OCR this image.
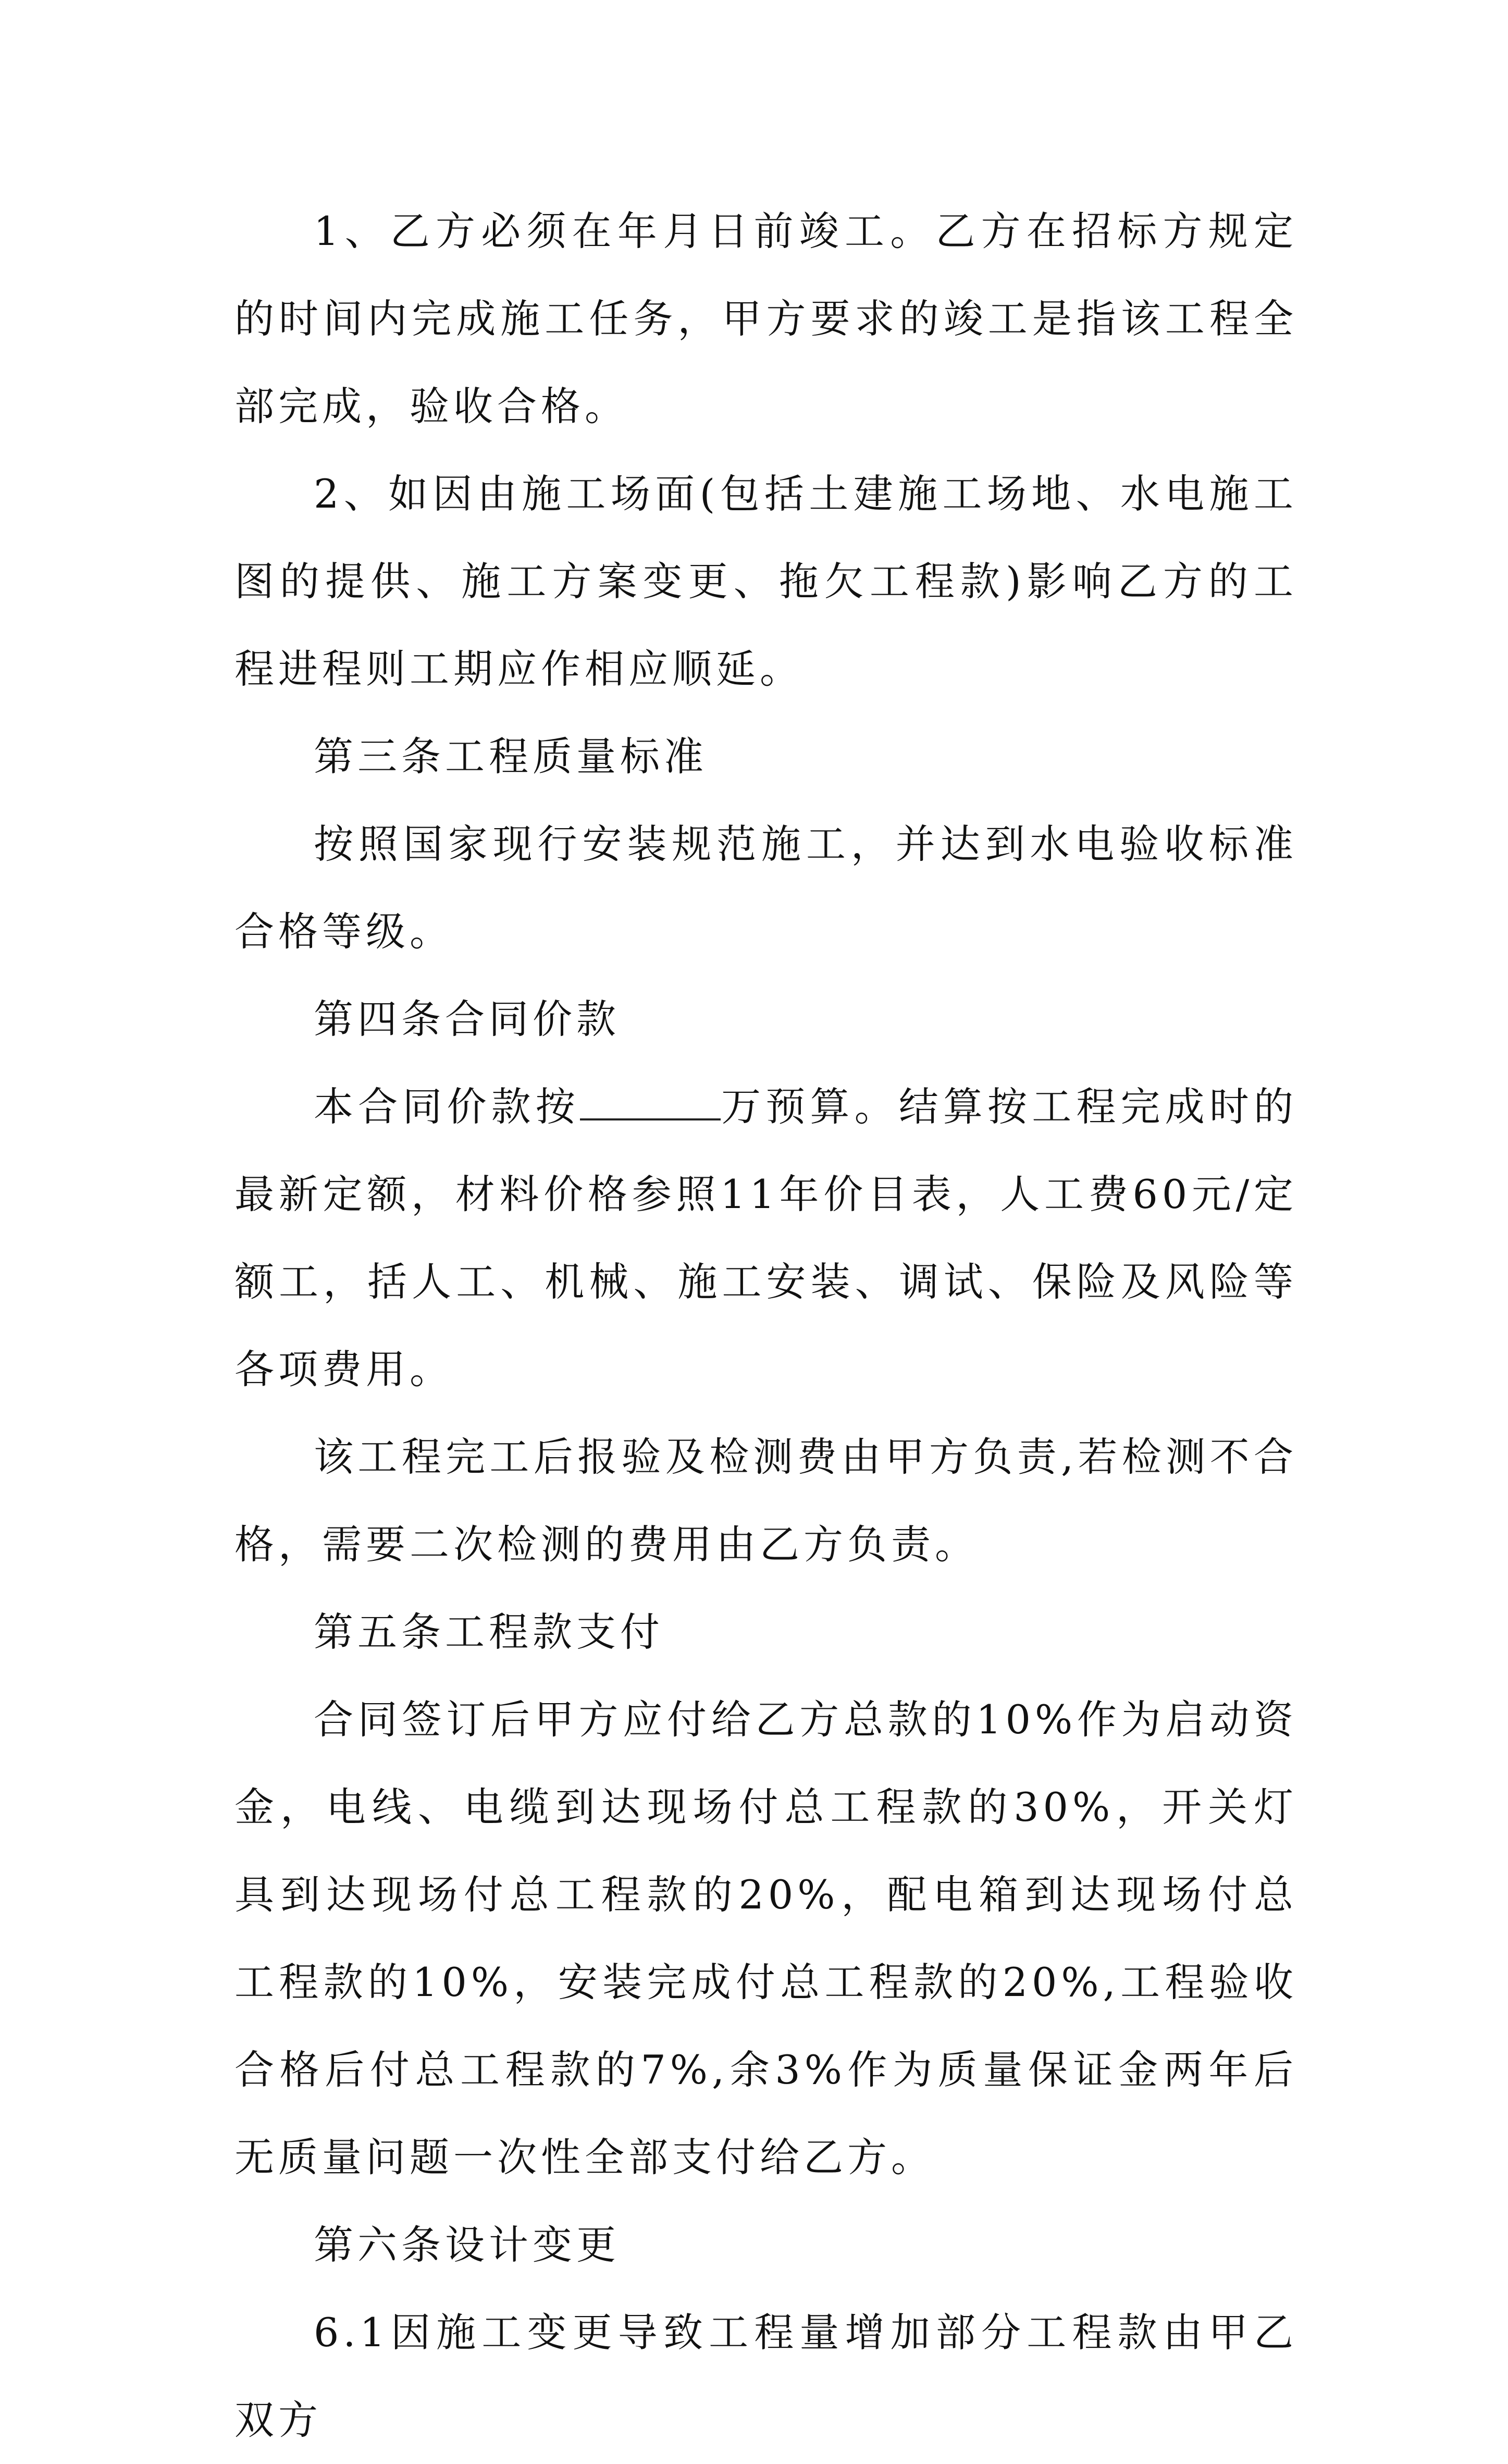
1、乙方必须在年月日前竣工。乙方在招标方规定的时间内完成施工任务，甲方要求的竣工是指该工程全部完成，验收合格。

2、如因由施工场面(包括土建施工场地、水电施工图的提供、施工方案变更、拖欠工程款)影响乙方的工程进程则工期应作相应顺延。

第三条工程质量标准

按照国家现行安装规范施工，并达到水电验收标准合格等级。

第四条合同价款

本合同价款按	万预算。结算按工程完成时的最新定额，材料价格参照11年价目表，人工费60元/定额工，括人工、机械、施工安装、调试、保险及风险等各项费用。

该工程完工后报验及检测费由甲方负责,若检测不合格，需要二次检测的费用由乙方负责。

第五条工程款支付

合同签订后甲方应付给乙方总款的10%作为启动资金，电线、电缆到达现场付总工程款的30%，开关灯具到达现场付总工程款的20%，配电箱到达现场付总工程款的10%，安装完成付总工程款的20%,工程验收合格后付总工程款的7%,余3%作为质量保证金两年后无质量问题一次性全部支付给乙方。

第六条设计变更

6.1因施工变更导致工程量增加部分工程款由甲乙双方
